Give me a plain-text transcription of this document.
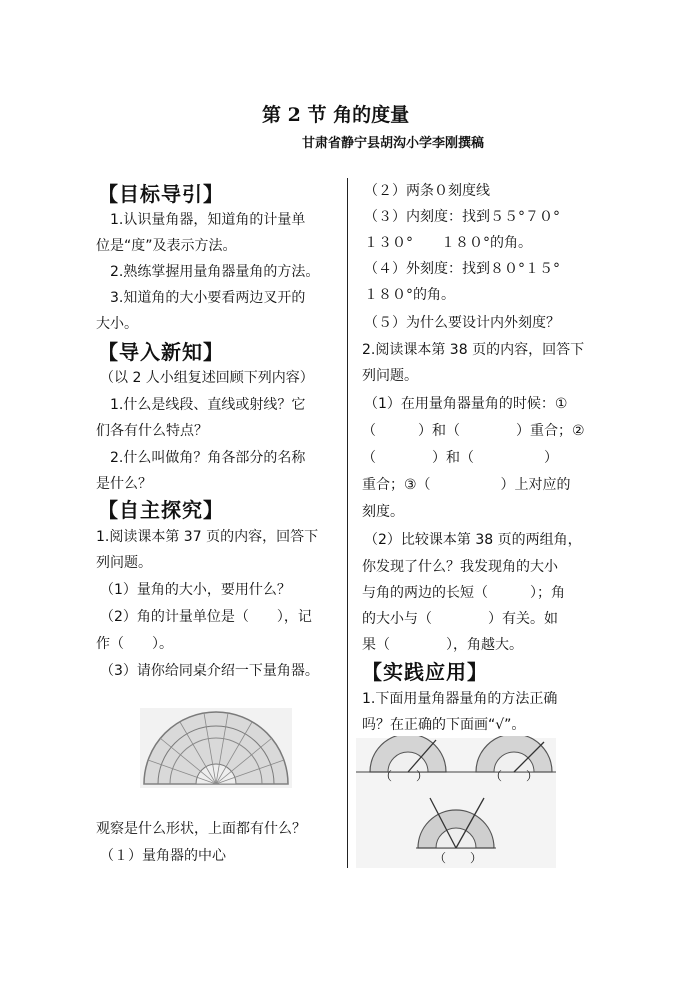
第 2 节 角的度量
甘肃省静宁县胡沟小学李刚撰稿
【目标导引】
1.认识量角器，知道角的计量单
位是“度”及表示方法。
2.熟练掌握用量角器量角的方法。
3.知道角的大小要看两边叉开的
大小。
【导入新知】
（以 2 人小组复述回顾下列内容）
1.什么是线段、直线或射线？它
们各有什么特点？
2.什么叫做角？角各部分的名称
是什么？
【自主探究】
1.阅读课本第 37 页的内容，回答下
列问题。
（1）量角的大小，要用什么？
（2）角的计量单位是（　　），记
作（　　）。
（3）请你给同桌介绍一下量角器。
观察是什么形状，上面都有什么？
（１）量角器的中心
（２）两条０刻度线
（３）内刻度：找到５５°７０°
１３０°　　１８０°的角。
（４）外刻度：找到８０°１５°
１８０°的角。
（５）为什么要设计内外刻度？
2.阅读课本第 38 页的内容，回答下
列问题。
（1）在用量角器量角的时候：①
（　　　）和（　　　　）重合；②
（　　　　）和（　　　　　）
重合；③（　　　　　）上对应的
刻度。
（2）比较课本第 38 页的两组角，
你发现了什么？我发现角的大小
与角的两边的长短（　　　）；角
的大小与（　　　　）有关。如
果（　　　　），角越大。
【实践应用】
1.下面用量角器量角的方法正确
（　　）	（　　）
（　　）
吗？在正确的下面画“√”。
